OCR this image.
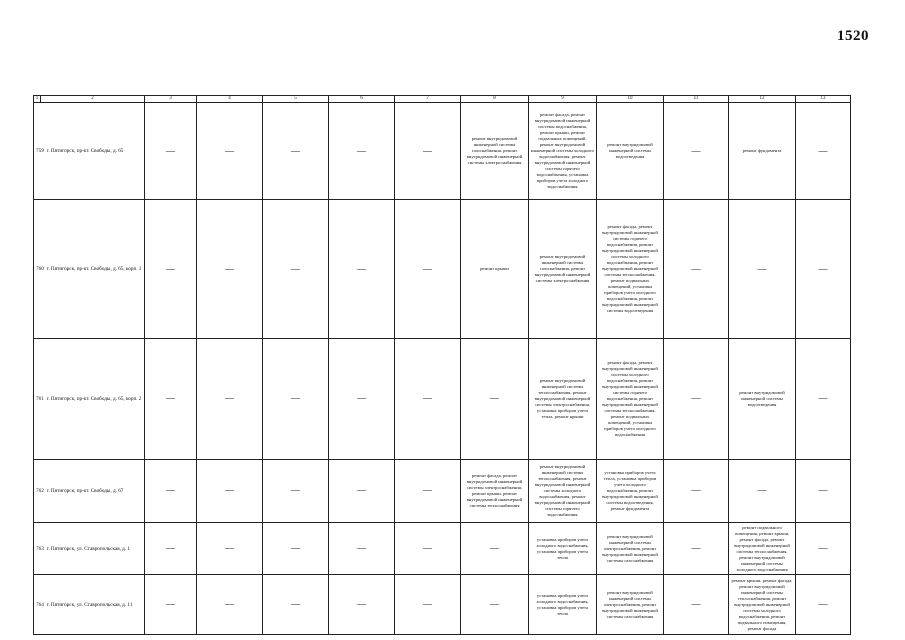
1520
1	2	3	4	5	6	7	8	9	10	11	12	13
759 г. Пятигорск, пр-кт. Свободы, д. 65		—	—	—	—	—	ремонт внутридомовой инженерной системы газоснабжения, ремонт внутридомовой инженерной системы электроснабжения	ремонт фасада, ремонт внутридомовой инженерной системы водоснабжения, ремонт крыши, ремонт подвальных помещений, ремонт внутридомовой инженерной системы холодного водоснабжения, ремонт внутридомовой инженерной системы горячего водоснабжения, установка приборов учета холодного водоснабжения	ремонт внутридомовой инженерной системы водоотведения	—	ремонт фундамента	—
760 г. Пятигорск, пр-кт. Свободы, д. 65, корп. 1		—	—	—	—	—	ремонт крыши	ремонт внутридомовой инженерной системы газоснабжения, ремонт внутридомовой инженерной системы электроснабжения	ремонт фасада, ремонт внутридомовой инженерной системы горячего водоснабжения, ремонт внутридомовой инженерной системы холодного водоснабжения, ремонт внутридомовой инженерной системы теплоснабжения, ремонт подвальных помещений, установка приборов учета холодного водоснабжения, ремонт внутридомовой инженерной системы водоотведения	—	—	—
761 г. Пятигорск, пр-кт. Свободы, д. 65, корп. 2		—	—	—	—	—	—	ремонт внутридомовой инженерной системы теплоснабжения, ремонт внутридомовой инженерной системы электроснабжения, установка приборов учета тепла, ремонт крыши	ремонт фасада, ремонт внутридомовой инженерной системы холодного водоснабжения, ремонт внутридомовой инженерной системы горячего водоснабжения, ремонт внутридомовой инженерной системы теплоснабжения, ремонт подвальных помещений, установка приборов учета холодного водоснабжения	—	ремонт внутридомовой инженерной системы водоотведения	—
762 г. Пятигорск, пр-кт. Свободы, д. 67		—	—	—	—	—	ремонт фасада, ремонт внутридомовой инженерной системы электроснабжения, ремонт крыши, ремонт внутридомовой инженерной системы теплоснабжения	ремонт внутридомовой инженерной системы теплоснабжения, ремонт внутридомовой инженерной системы холодного водоснабжения, ремонт внутридомовой инженерной системы горячего водоснабжения	установка приборов учета тепла, установка приборов учета холодного водоснабжения, ремонт внутридомовой инженерной системы водоотведения, ремонт фундамента	—	—	—
763 г. Пятигорск, ул. Ставропольская, д. 1		—	—	—	—	—	—	установка приборов учета холодного водоснабжения, установка приборов учета тепла	ремонт внутридомовой инженерной системы электроснабжения, ремонт внутридомовой инженерной системы газоснабжения	—	ремонт подвального помещения, ремонт крыши, ремонт фасада, ремонт внутридомовой инженерной системы теплоснабжения, ремонт внутридомовой инженерной системы холодного водоснабжения	—
764 г. Пятигорск, ул. Ставропольская, д. 11		—	—	—	—	—	—	установка приборов учета холодного водоснабжения, установка приборов учета тепла	ремонт внутридомовой инженерной системы электроснабжения, ремонт внутридомовой инженерной системы газоснабжения	—	ремонт крыши, ремонт фасада, ремонт внутридомовой инженерной системы теплоснабжения, ремонт внутридомовой инженерной системы холодного водоснабжения, ремонт подвального помещения, ремонт фасада	—
